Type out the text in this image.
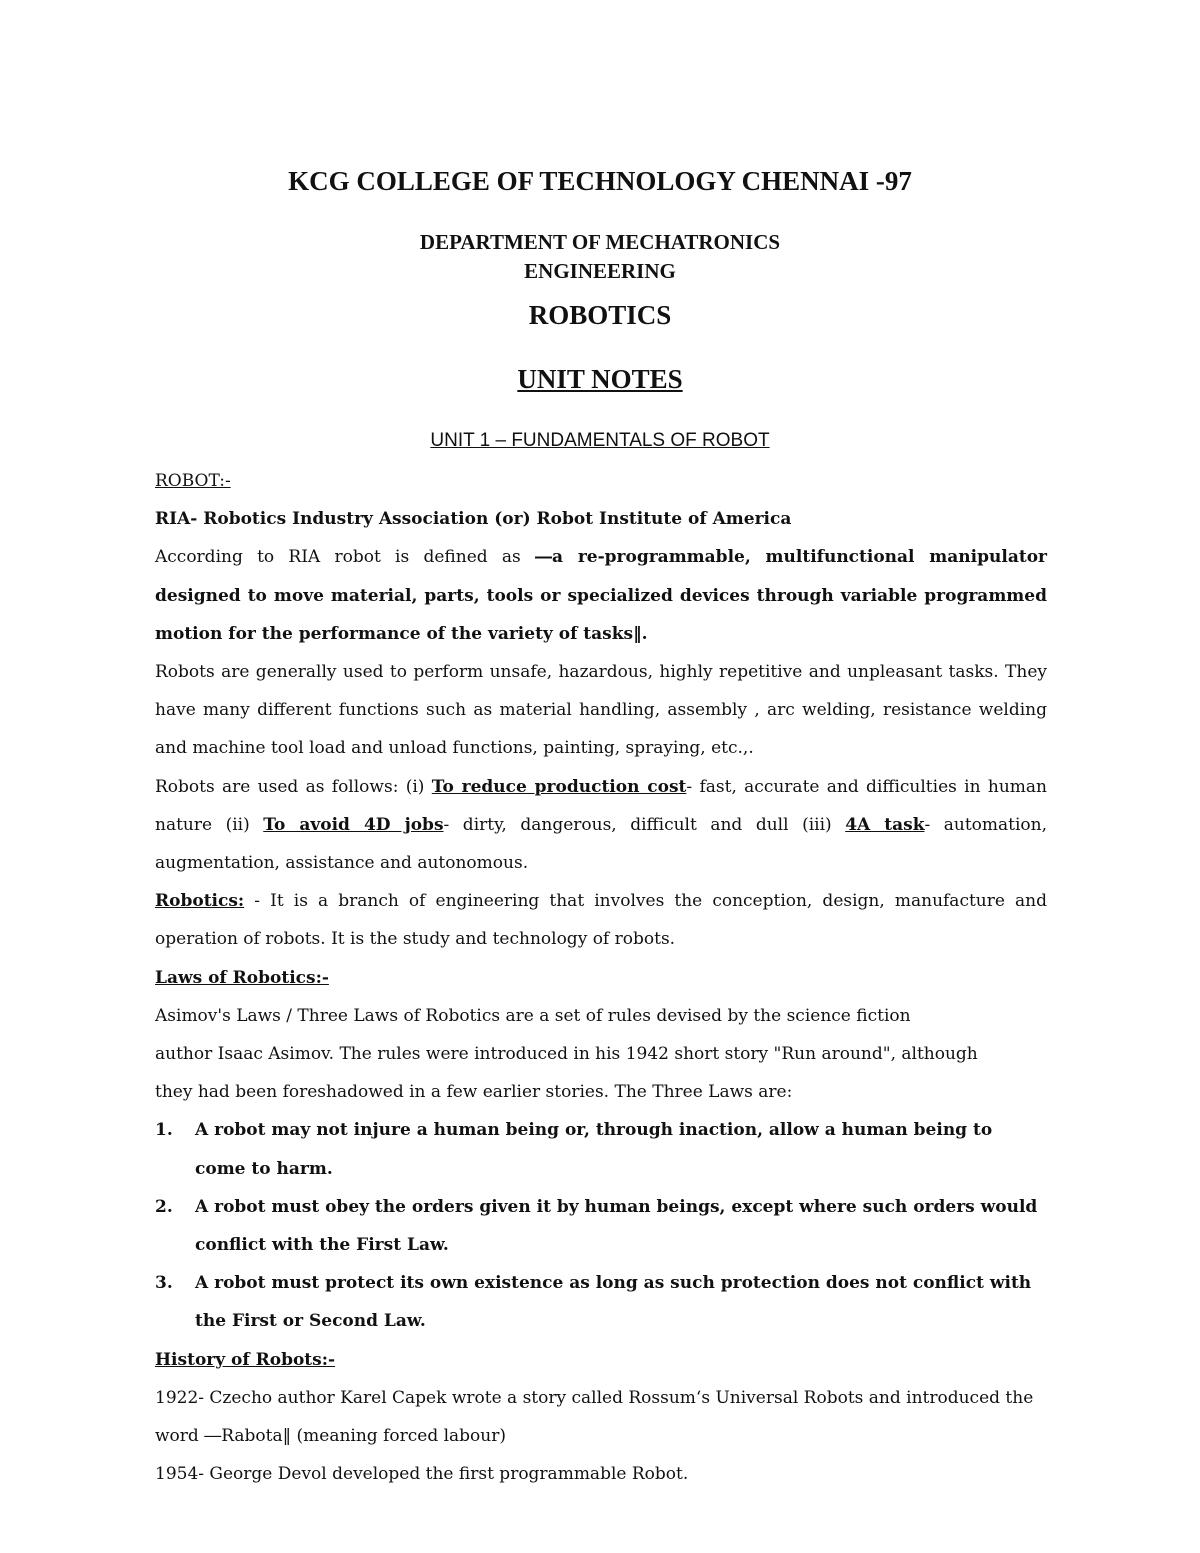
KCG COLLEGE OF TECHNOLOGY CHENNAI -97
DEPARTMENT OF MECHATRONICS
ENGINEERING
ROBOTICS
UNIT NOTES
UNIT 1 – FUNDAMENTALS OF ROBOT

ROBOT:-

RIA- Robotics Industry Association (or) Robot Institute of America

According to RIA robot is defined as ―a re-programmable, multifunctional manipulator designed to move material, parts, tools or specialized devices through variable programmed motion for the performance of the variety of tasks‖.

Robots are generally used to perform unsafe, hazardous, highly repetitive and unpleasant tasks. They have many different functions such as material handling, assembly , arc welding, resistance welding and machine tool load and unload functions, painting, spraying, etc.,.

Robots are used as follows: (i) To reduce production cost- fast, accurate and difficulties in human nature (ii) To avoid 4D jobs- dirty, dangerous, difficult and dull (iii) 4A task- automation, augmentation, assistance and autonomous.

Robotics: - It is a branch of engineering that involves the conception, design, manufacture and operation of robots. It is the study and technology of robots.

Laws of Robotics:-

Asimov's Laws / Three Laws of Robotics are a set of rules devised by the science fiction

author Isaac Asimov. The rules were introduced in his 1942 short story "Run around", although

they had been foreshadowed in a few earlier stories. The Three Laws are:

1. A robot may not injure a human being or, through inaction, allow a human being to come to harm.
2. A robot must obey the orders given it by human beings, except where such orders would conflict with the First Law.
3. A robot must protect its own existence as long as such protection does not conflict with the First or Second Law.

History of Robots:-

1922- Czecho author Karel Capek wrote a story called Rossum‘s Universal Robots and introduced the word ―Rabota‖ (meaning forced labour)

1954- George Devol developed the first programmable Robot.
